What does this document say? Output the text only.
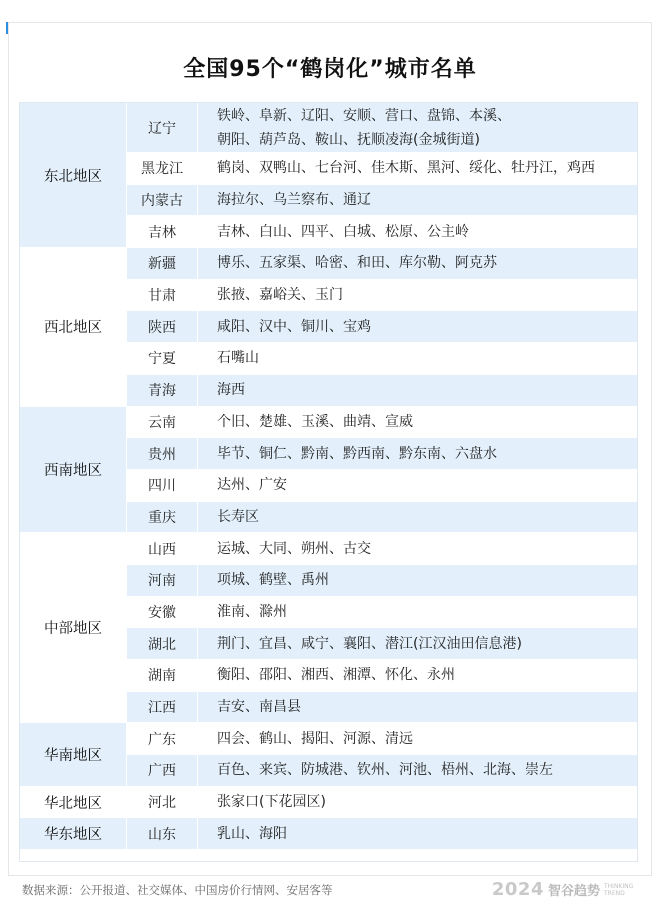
全国95个“鹤岗化”城市名单
东北地区	辽宁	铁岭、阜新、辽阳、安顺、营口、盘锦、本溪、
朝阳、葫芦岛、鞍山、抚顺凌海(金城街道)

	黑龙江	鹤岗、双鸭山、七台河、佳木斯、黑河、绥化、牡丹江，鸡西

	内蒙古	海拉尔、乌兰察布、通辽

	吉林	吉林、白山、四平、白城、松原、公主岭

西北地区	新疆	博乐、五家渠、哈密、和田、库尔勒、阿克苏

	甘肃	张掖、嘉峪关、玉门

	陕西	咸阳、汉中、铜川、宝鸡

	宁夏	石嘴山

	青海	海西

西南地区	云南	个旧、楚雄、玉溪、曲靖、宣威

	贵州	毕节、铜仁、黔南、黔西南、黔东南、六盘水

	四川	达州、广安

	重庆	长寿区

中部地区	山西	运城、大同、朔州、古交

	河南	项城、鹤壁、禹州

	安徽	淮南、滁州

	湖北	荆门、宜昌、咸宁、襄阳、潜江(江汉油田信息港)

	湖南	衡阳、邵阳、湘西、湘潭、怀化、永州

	江西	吉安、南昌县

华南地区	广东	四会、鹤山、揭阳、河源、清远

	广西	百色、来宾、防城港、钦州、河池、梧州、北海、崇左

华北地区	河北	张家口(下花园区)

华东地区	山东	乳山、海阳
数据来源：公开报道、社交媒体、中国房价行情网、安居客等	2024 智谷趋势 THINKING TREND
